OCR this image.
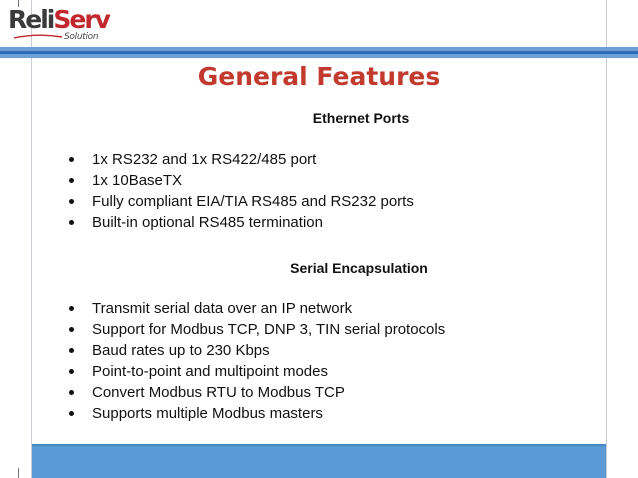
ReliServ
Solution
General Features
Ethernet Ports
1x RS232 and 1x RS422/485 port
1x 10BaseTX
Fully compliant EIA/TIA RS485 and RS232 ports
Built-in optional RS485 termination
Serial Encapsulation
Transmit serial data over an IP network
Support for Modbus TCP, DNP 3, TIN serial protocols
Baud rates up to 230 Kbps
Point-to-point and multipoint modes
Convert Modbus RTU to Modbus TCP
Supports multiple Modbus masters
